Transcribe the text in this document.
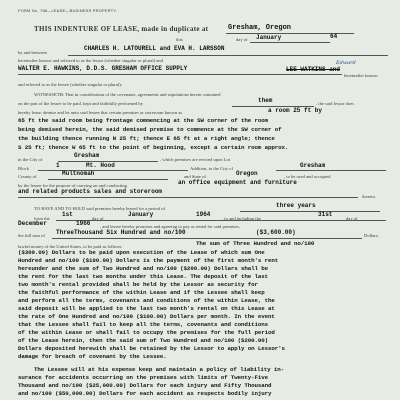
FORM No. 786—LEASE—BUSINESS PROPERTY.
THIS INDENTURE OF LEASE, made in duplicate at	Gresham, Oregon
this	day of January	64
by and between
CHARLES H. LATOURELL and EVA H. LARSSON
hereinafter known and referred to as the lessor (whether singular or plural) and
WALTER E. HAWKINS, D.D.S. GRESHAM OFFICE SUPPLY	LEE WATKINS and
Edward
hereinafter known
and referred to as the lessee (whether singular or plural);
WITNESSETH: That in consideration of the covenants, agreements and stipulations herein contained
on the part of the lessee to be paid, kept and faithfully performed by	them	, the said lessor does
hereby lease, demise and let unto said lessee that certain premises or storeroom known as	a room 25 ft by
65 ft the said room being frontage commencing at the SW corner of the room
being demised herein, the said demised premise to commence at the SW corner of
the building thence running N 25 ft; thence E 65 ft at a right angle; thence
S 25 ft; thence W 65 ft to the point of beginning, except a certain room approx.
in the City of
Gresham
, which premises are erected upon Lot
Block	1	Mt. Hood	Addition, to the City of	Gresham
County of	Multnomah	and State of	Oregon	, to be used and occupied
by the lessee for the purpose of carrying on and conducting	an office equipment and furniture
and related products sales and storeroom
therein.
TO HAVE AND TO HOLD said premises hereby leased for a period of	three years
from the
1st
day of
January	1964
, to and including the
31st
day of
December	1966 , and lessee hereby promises and agreeing to pay as rental for said premises,
the full sum of ThreeThousand Six Hundred and no/100	($3,600.00)	Dollars,
lawful money of the United States, to be paid as follows:	The sum of Three Hundred and no/100
($300.00) Dollars to be paid upon execution of the Lease of which sum One
Hundred and no/100 ($100.00) Dollars is the payment of the first month's rent
hereunder and the sum of Two Hundred and no/100 ($200.00) Dollars shall be
the rent for the last two months under this Lease. The deposit of the last
two month's rental provided shall be held by the Lessor as security for
the faithful performance of the within Lease and if the Lessee shall keep
and perform all the terms, covenants and conditions of the within Lease, the
said deposit will be applied to the last two month's rental on this Lease at
the rate of One Hundred and no/100 ($100.00) Dollars per month. In the event
that the Lessee shall fail to keep all the terms, covenants and conditions
of the within Lease or shall fail to occupy the premises for the full period
of the Lease herein, then the said sum of Two Hundred and no/100 ($200.00)
Dollars deposited herewith shall be retained by the Lessor to apply on Lessor's
damage for breach of covenant by the Lessee.
The Lessee will at his expense keep and maintain a policy of liability in-
surance for accidents occurring on the premises with limits of Twenty-Five
Thousand and no/100 ($25,000.00) Dollars for each injury and Fifty Thousand
and no/100 ($50,000.00) Dollars for each accident as respects bodily injury
